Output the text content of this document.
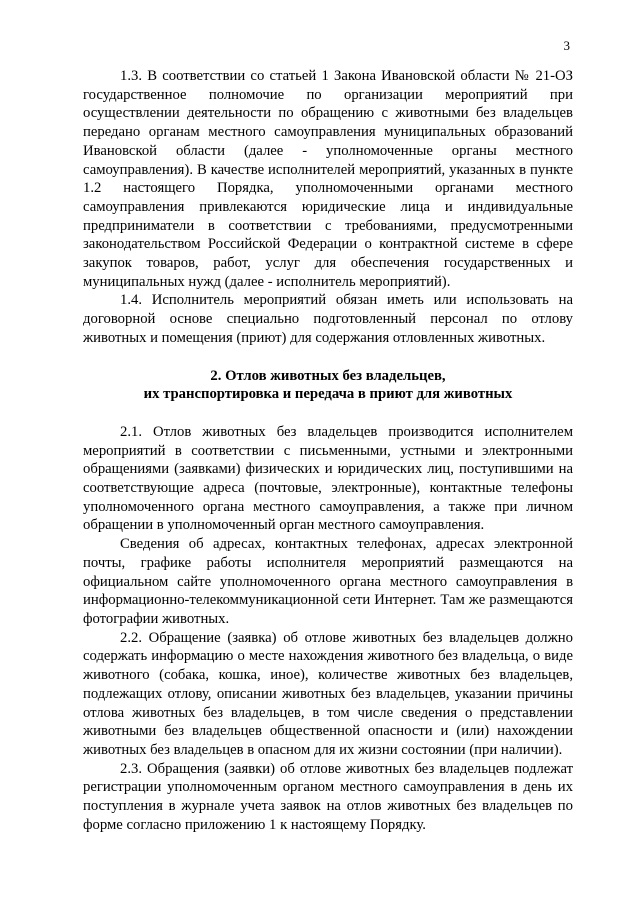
3

1.3. В соответствии со статьей 1 Закона Ивановской области № 21-ОЗ государственное полномочие по организации мероприятий при осуществлении деятельности по обращению с животными без владельцев передано органам местного самоуправления муниципальных образований Ивановской области (далее - уполномоченные органы местного самоуправления). В качестве исполнителей мероприятий, указанных в пункте 1.2 настоящего Порядка, уполномоченными органами местного самоуправления привлекаются юридические лица и индивидуальные предприниматели в соответствии с требованиями, предусмотренными законодательством Российской Федерации о контрактной системе в сфере закупок товаров, работ, услуг для обеспечения государственных и муниципальных нужд (далее - исполнитель мероприятий).

1.4. Исполнитель мероприятий обязан иметь или использовать на договорной основе специально подготовленный персонал по отлову животных и помещения (приют) для содержания отловленных животных.

2. Отлов животных без владельцев,

их транспортировка и передача в приют для животных

2.1. Отлов животных без владельцев производится исполнителем мероприятий в соответствии с письменными, устными и электронными обращениями (заявками) физических и юридических лиц, поступившими на соответствующие адреса (почтовые, электронные), контактные телефоны уполномоченного органа местного самоуправления, а также при личном обращении в уполномоченный орган местного самоуправления.

Сведения об адресах, контактных телефонах, адресах электронной почты, графике работы исполнителя мероприятий размещаются на официальном сайте уполномоченного органа местного самоуправления в информационно-телекоммуникационной сети Интернет. Там же размещаются фотографии животных.

2.2. Обращение (заявка) об отлове животных без владельцев должно содержать информацию о месте нахождения животного без владельца, о виде животного (собака, кошка, иное), количестве животных без владельцев, подлежащих отлову, описании животных без владельцев, указании причины отлова животных без владельцев, в том числе сведения о представлении животными без владельцев общественной опасности и (или) нахождении животных без владельцев в опасном для их жизни состоянии (при наличии).

2.3. Обращения (заявки) об отлове животных без владельцев подлежат регистрации уполномоченным органом местного самоуправления в день их поступления в журнале учета заявок на отлов животных без владельцев по форме согласно приложению 1 к настоящему Порядку.
